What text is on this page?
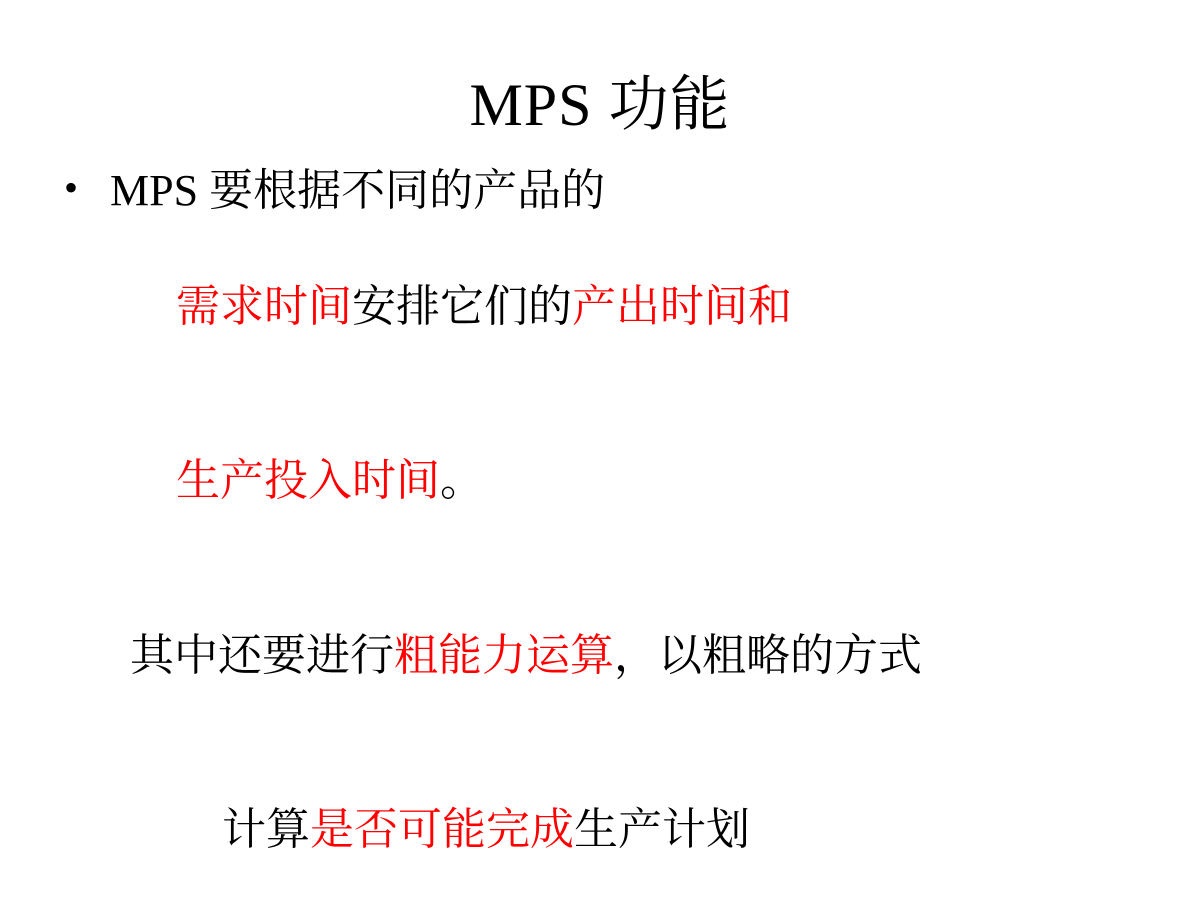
MPS 功能
• MPS 要根据不同的产品的

需求时间安排它们的产出时间和

生产投入时间。

其中还要进行粗能力运算，以粗略的方式

计算是否可能完成生产计划
